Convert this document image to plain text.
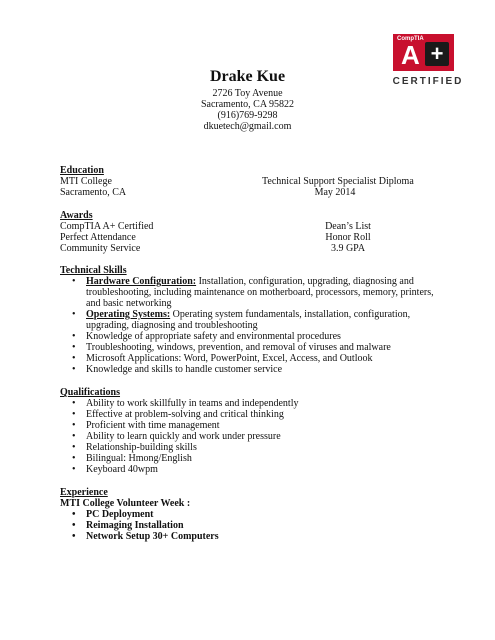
CompTIA
A +
CERTIFIED
Drake Kue
2726 Toy Avenue
Sacramento, CA 95822
(916)769-9298
dkuetech@gmail.com
Education
MTI College
Sacramento, CA
Technical Support Specialist Diploma
May 2014
Awards
CompTIA A+ Certified
Perfect Attendance
Community Service
Dean’s List
Honor Roll
3.9 GPA
Technical Skills
• Hardware Configuration: Installation, configuration, upgrading, diagnosing and
troubleshooting, including maintenance on motherboard, processors, memory, printers,
and basic networking
• Operating Systems: Operating system fundamentals, installation, configuration,
upgrading, diagnosing and troubleshooting
• Knowledge of appropriate safety and environmental procedures
• Troubleshooting, windows, prevention, and removal of viruses and malware
• Microsoft Applications: Word, PowerPoint, Excel, Access, and Outlook
• Knowledge and skills to handle customer service
Qualifications
• Ability to work skillfully in teams and independently
• Effective at problem-solving and critical thinking
• Proficient with time management
• Ability to learn quickly and work under pressure
• Relationship-building skills
• Bilingual: Hmong/English
• Keyboard 40wpm
Experience
MTI College Volunteer Week :
• PC Deployment
• Reimaging Installation
• Network Setup 30+ Computers
